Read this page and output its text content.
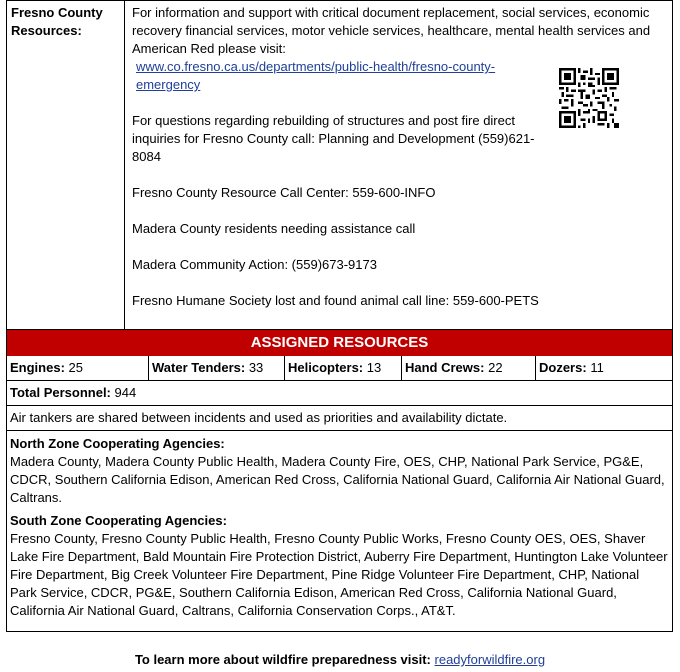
Fresno County Resources:

For information and support with critical document replacement, social services, economic recovery financial services, motor vehicle services, healthcare, mental health services and American Red please visit:

www.co.fresno.ca.us/departments/public-health/fresno-county-emergency

For questions regarding rebuilding of structures and post fire direct inquiries for Fresno County call: Planning and Development (559)621-8084

Fresno County Resource Call Center: 559-600-INFO

Madera County residents needing assistance call

Madera Community Action: (559)673-9173

Fresno Humane Society lost and found animal call line: 559-600-PETS

ASSIGNED RESOURCES
Engines: 25	Water Tenders: 33	Helicopters: 13	Hand Crews: 22	Dozers: 11
Total Personnel: 944
Air tankers are shared between incidents and used as priorities and availability dictate.
North Zone Cooperating Agencies:

Madera County, Madera County Public Health, Madera County Fire, OES, CHP, National Park Service, PG&E, CDCR, Southern California Edison, American Red Cross, California National Guard, California Air National Guard, Caltrans.

South Zone Cooperating Agencies:

Fresno County, Fresno County Public Health, Fresno County Public Works, Fresno County OES, OES, Shaver Lake Fire Department, Bald Mountain Fire Protection District, Auberry Fire Department, Huntington Lake Volunteer Fire Department, Big Creek Volunteer Fire Department, Pine Ridge Volunteer Fire Department, CHP, National Park Service, CDCR, PG&E, Southern California Edison, American Red Cross, California National Guard, California Air National Guard, Caltrans, California Conservation Corps., AT&T.

To learn more about wildfire preparedness visit: readyforwildfire.org
